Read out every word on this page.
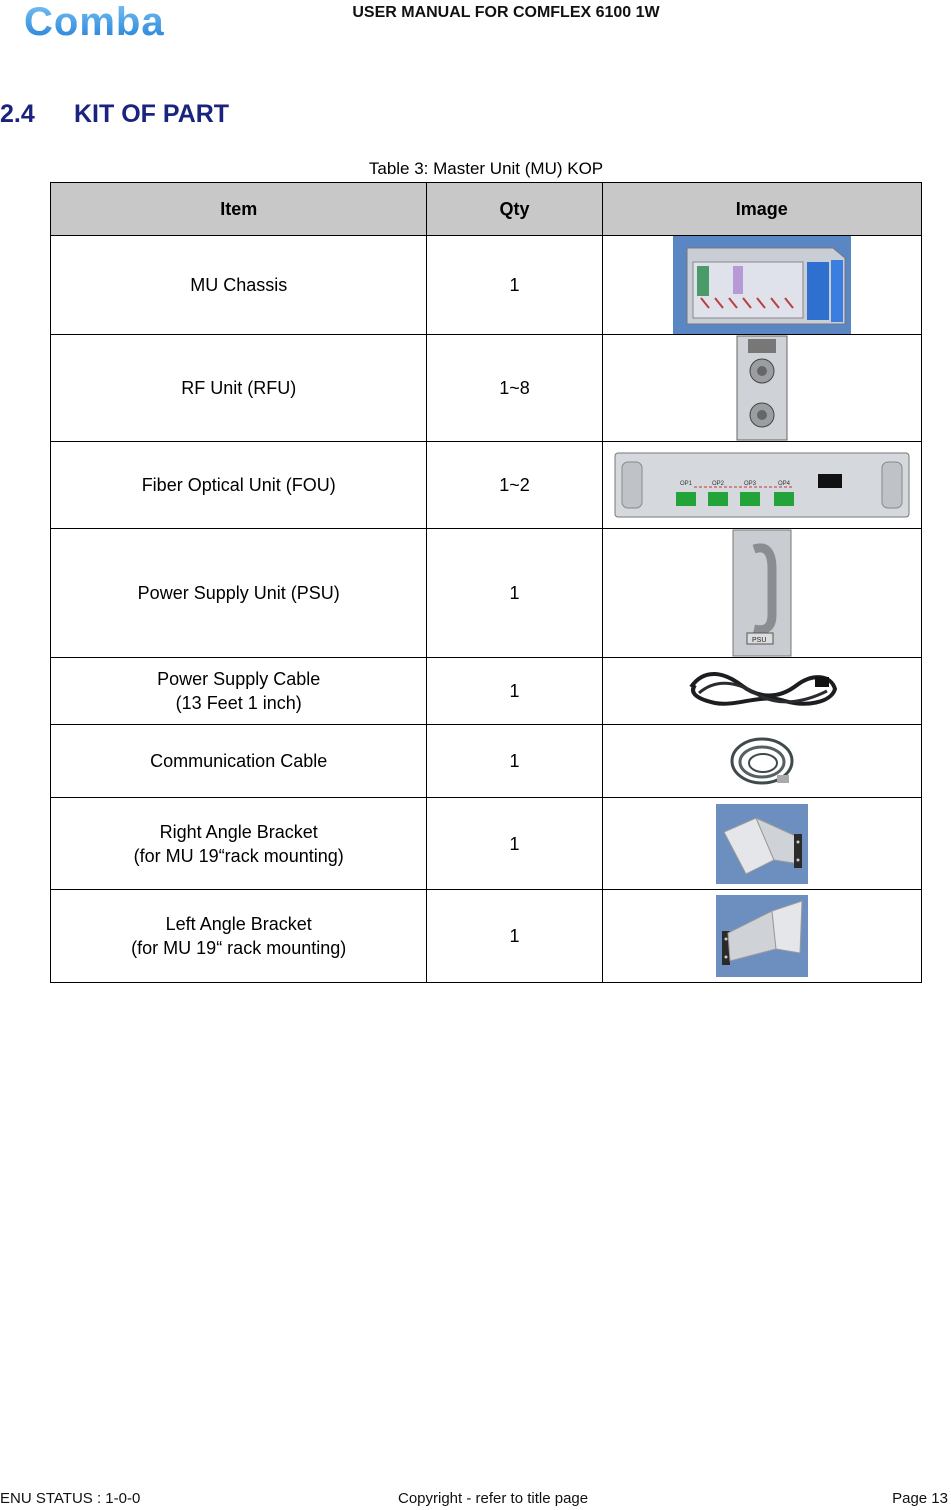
Comba	USER MANUAL FOR COMFLEX 6100 1W
2.4 KIT OF PART
Table 3: Master Unit (MU) KOP
Item	Qty	Image
MU Chassis	1	

RF Unit (RFU)	1~8	

Fiber Optical Unit (FOU)	1~2	OP1 OP2 OP3 OP4

Power Supply Unit (PSU)	1	PSU

Power Supply Cable
(13 Feet 1 inch)	1	

Communication Cable	1	

Right Angle Bracket
(for MU 19“rack mounting)	1	

Left Angle Bracket
(for MU 19“ rack mounting)	1	
ENU STATUS : 1-0-0	Copyright - refer to title page	Page 13
